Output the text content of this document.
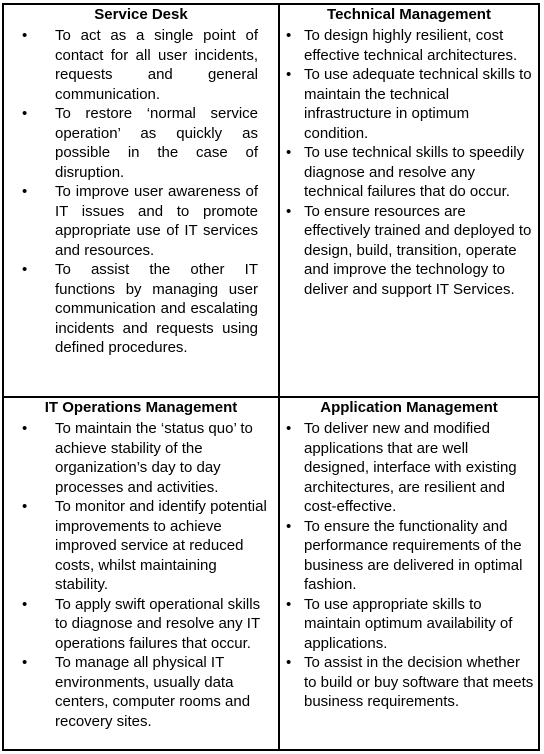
Service Desk
• To act as a single point of contact for all user incidents, requests and general communication.
• To restore ‘normal service operation’ as quickly as possible in the case of disruption.
• To improve user awareness of IT issues and to promote appropriate use of IT services and resources.
• To assist the other IT functions by managing user communication and escalating incidents and requests using defined procedures.
Technical Management
• To design highly resilient, cost effective technical architectures.
• To use adequate technical skills to maintain the technical infrastructure in optimum condition.
• To use technical skills to speedily diagnose and resolve any technical failures that do occur.
• To ensure resources are effectively trained and deployed to design, build, transition, operate and improve the technology to deliver and support IT Services.
IT Operations Management
• To maintain the ‘status quo’ to achieve stability of the organization’s day to day processes and activities.
• To monitor and identify potential improvements to achieve improved service at reduced costs, whilst maintaining stability.
• To apply swift operational skills to diagnose and resolve any IT operations failures that occur.
• To manage all physical IT environments, usually data centers, computer rooms and recovery sites.
Application Management
• To deliver new and modified applications that are well designed, interface with existing architectures, are resilient and cost-effective.
• To ensure the functionality and performance requirements of the business are delivered in optimal fashion.
• To use appropriate skills to maintain optimum availability of applications.
• To assist in the decision whether to build or buy software that meets business requirements.
